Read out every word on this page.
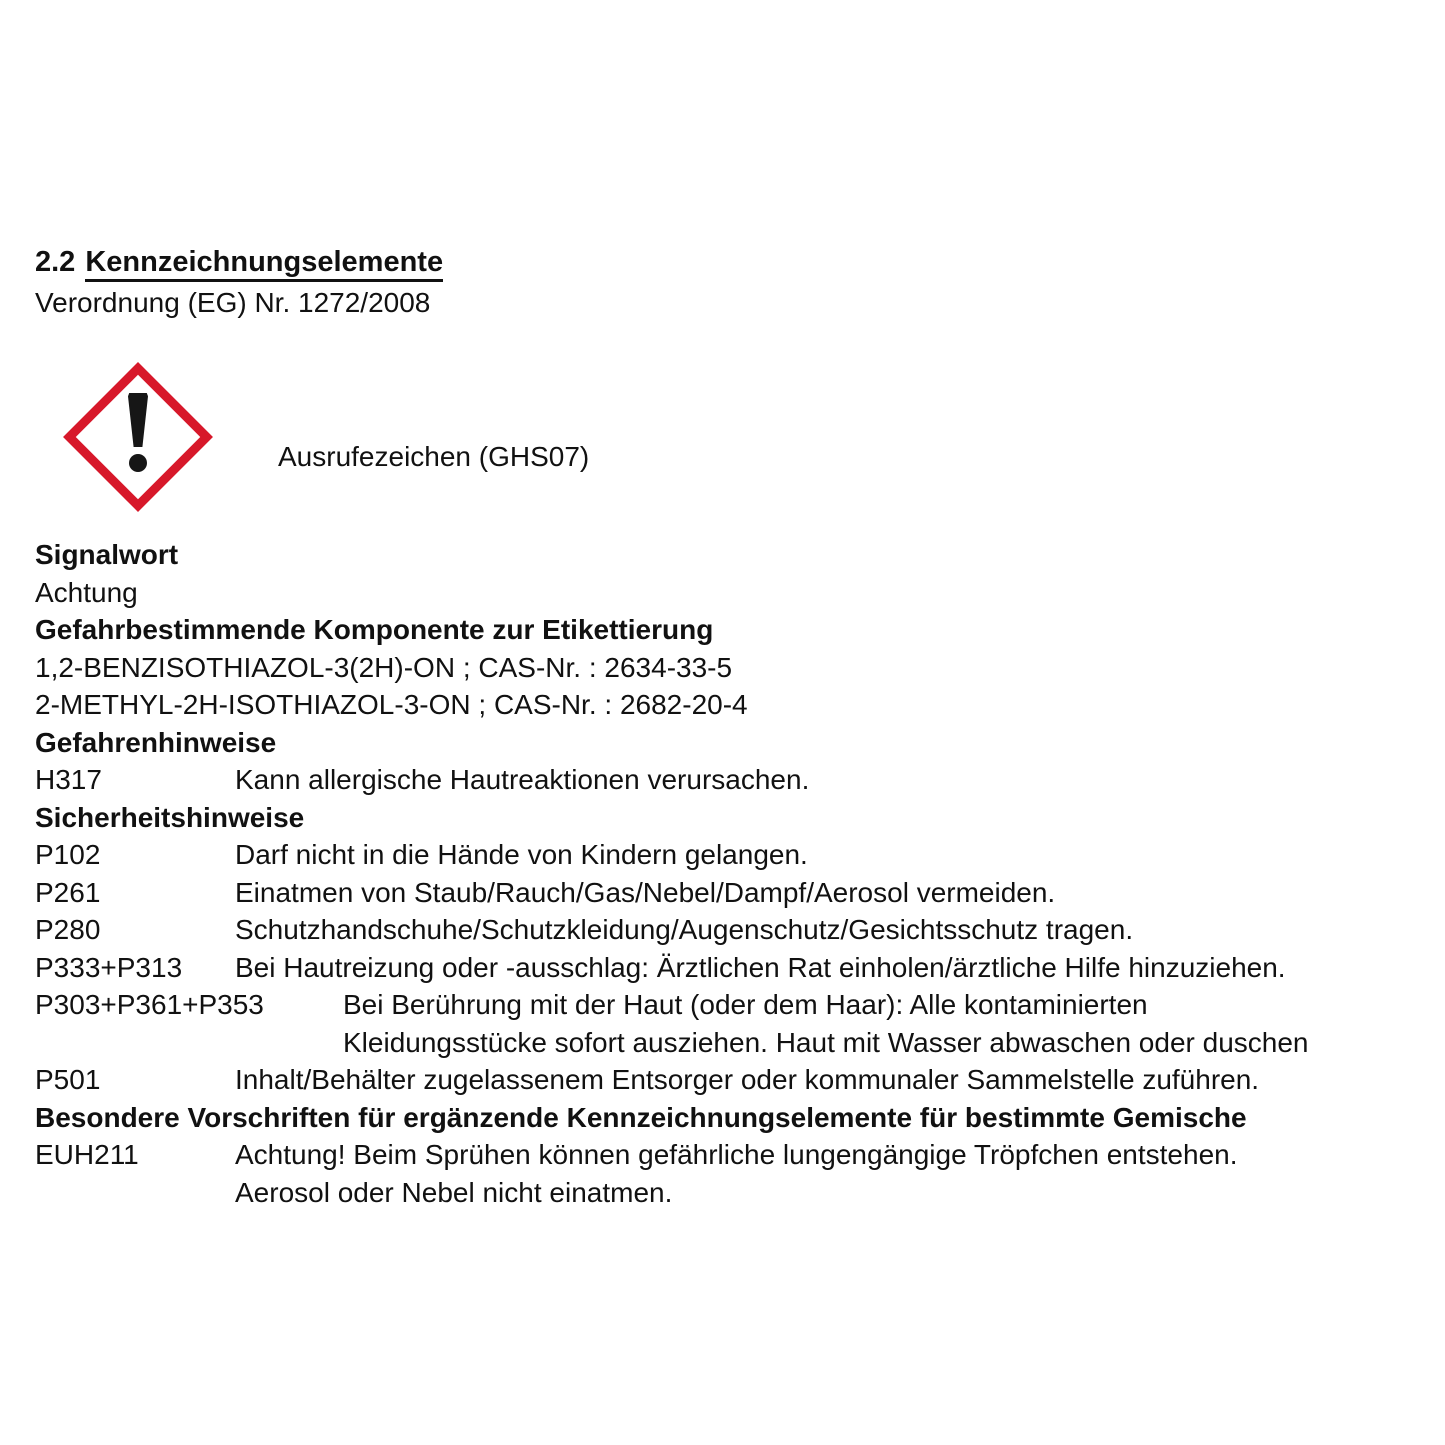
2.2 Kennzeichnungselemente
Verordnung (EG) Nr. 1272/2008
Ausrufezeichen (GHS07)
Signalwort
Achtung
Gefahrbestimmende Komponente zur Etikettierung
1,2-BENZISOTHIAZOL-3(2H)-ON ; CAS-Nr. : 2634-33-5
2-METHYL-2H-ISOTHIAZOL-3-ON ; CAS-Nr. : 2682-20-4
Gefahrenhinweise
H317	Kann allergische Hautreaktionen verursachen.
Sicherheitshinweise
P102	Darf nicht in die Hände von Kindern gelangen.
P261	Einatmen von Staub/Rauch/Gas/Nebel/Dampf/Aerosol vermeiden.
P280	Schutzhandschuhe/Schutzkleidung/Augenschutz/Gesichtsschutz tragen.
P333+P313	Bei Hautreizung oder -ausschlag: Ärztlichen Rat einholen/ärztliche Hilfe hinzuziehen.
P303+P361+P353	Bei Berührung mit der Haut (oder dem Haar): Alle kontaminierten
Kleidungsstücke sofort ausziehen. Haut mit Wasser abwaschen oder duschen
P501	Inhalt/Behälter zugelassenem Entsorger oder kommunaler Sammelstelle zuführen.
Besondere Vorschriften für ergänzende Kennzeichnungselemente für bestimmte Gemische
EUH211	Achtung! Beim Sprühen können gefährliche lungengängige Tröpfchen entstehen.
Aerosol oder Nebel nicht einatmen.
